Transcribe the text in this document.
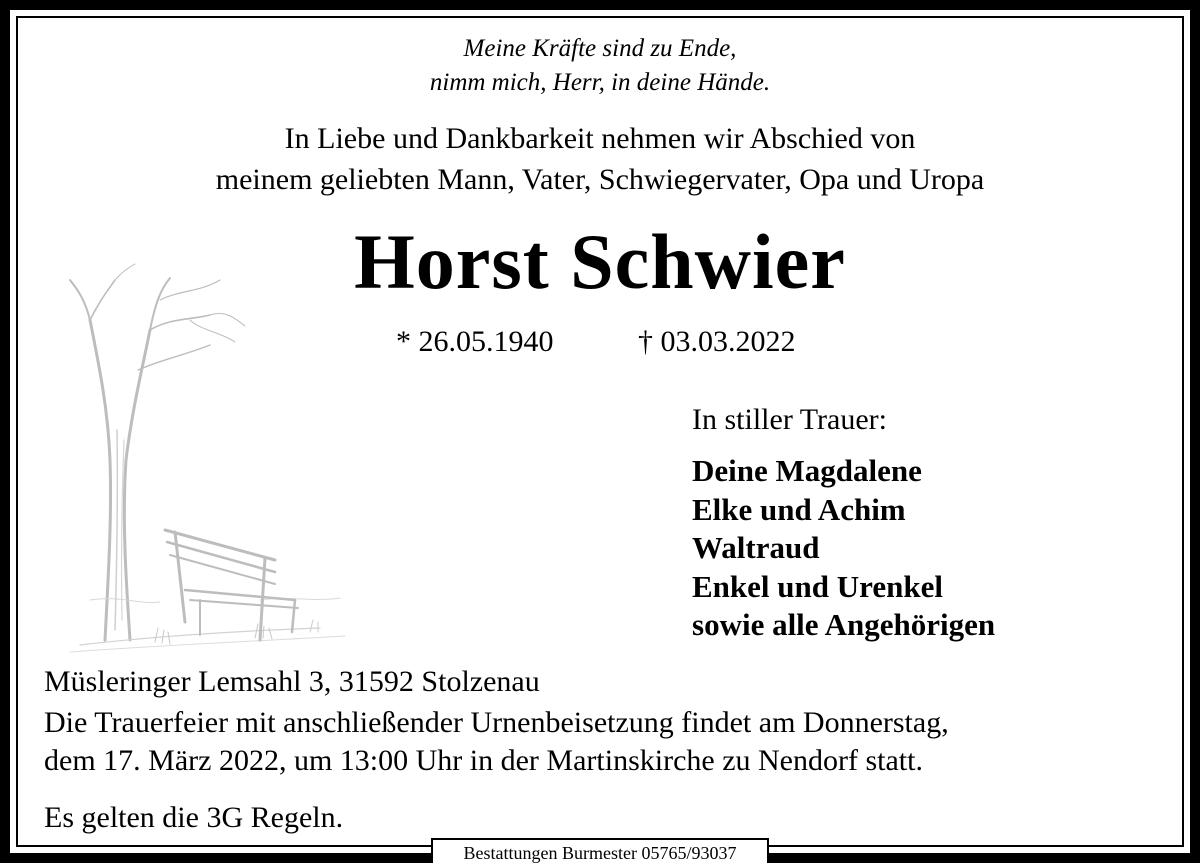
Meine Kräfte sind zu Ende,
nimm mich, Herr, in deine Hände.
In Liebe und Dankbarkeit nehmen wir Abschied von
meinem geliebten Mann, Vater, Schwiegervater, Opa und Uropa
Horst Schwier
* 26.05.1940	† 03.03.2022
In stiller Trauer:
Deine Magdalene
Elke und Achim
Waltraud
Enkel und Urenkel
sowie alle Angehörigen
Müsleringer Lemsahl 3, 31592 Stolzenau
Die Trauerfeier mit anschließender Urnenbeisetzung findet am Donnerstag,
dem 17. März 2022, um 13:00 Uhr in der Martinskirche zu Nendorf statt.
Es gelten die 3G Regeln.
Bestattungen Burmester 05765/93037
